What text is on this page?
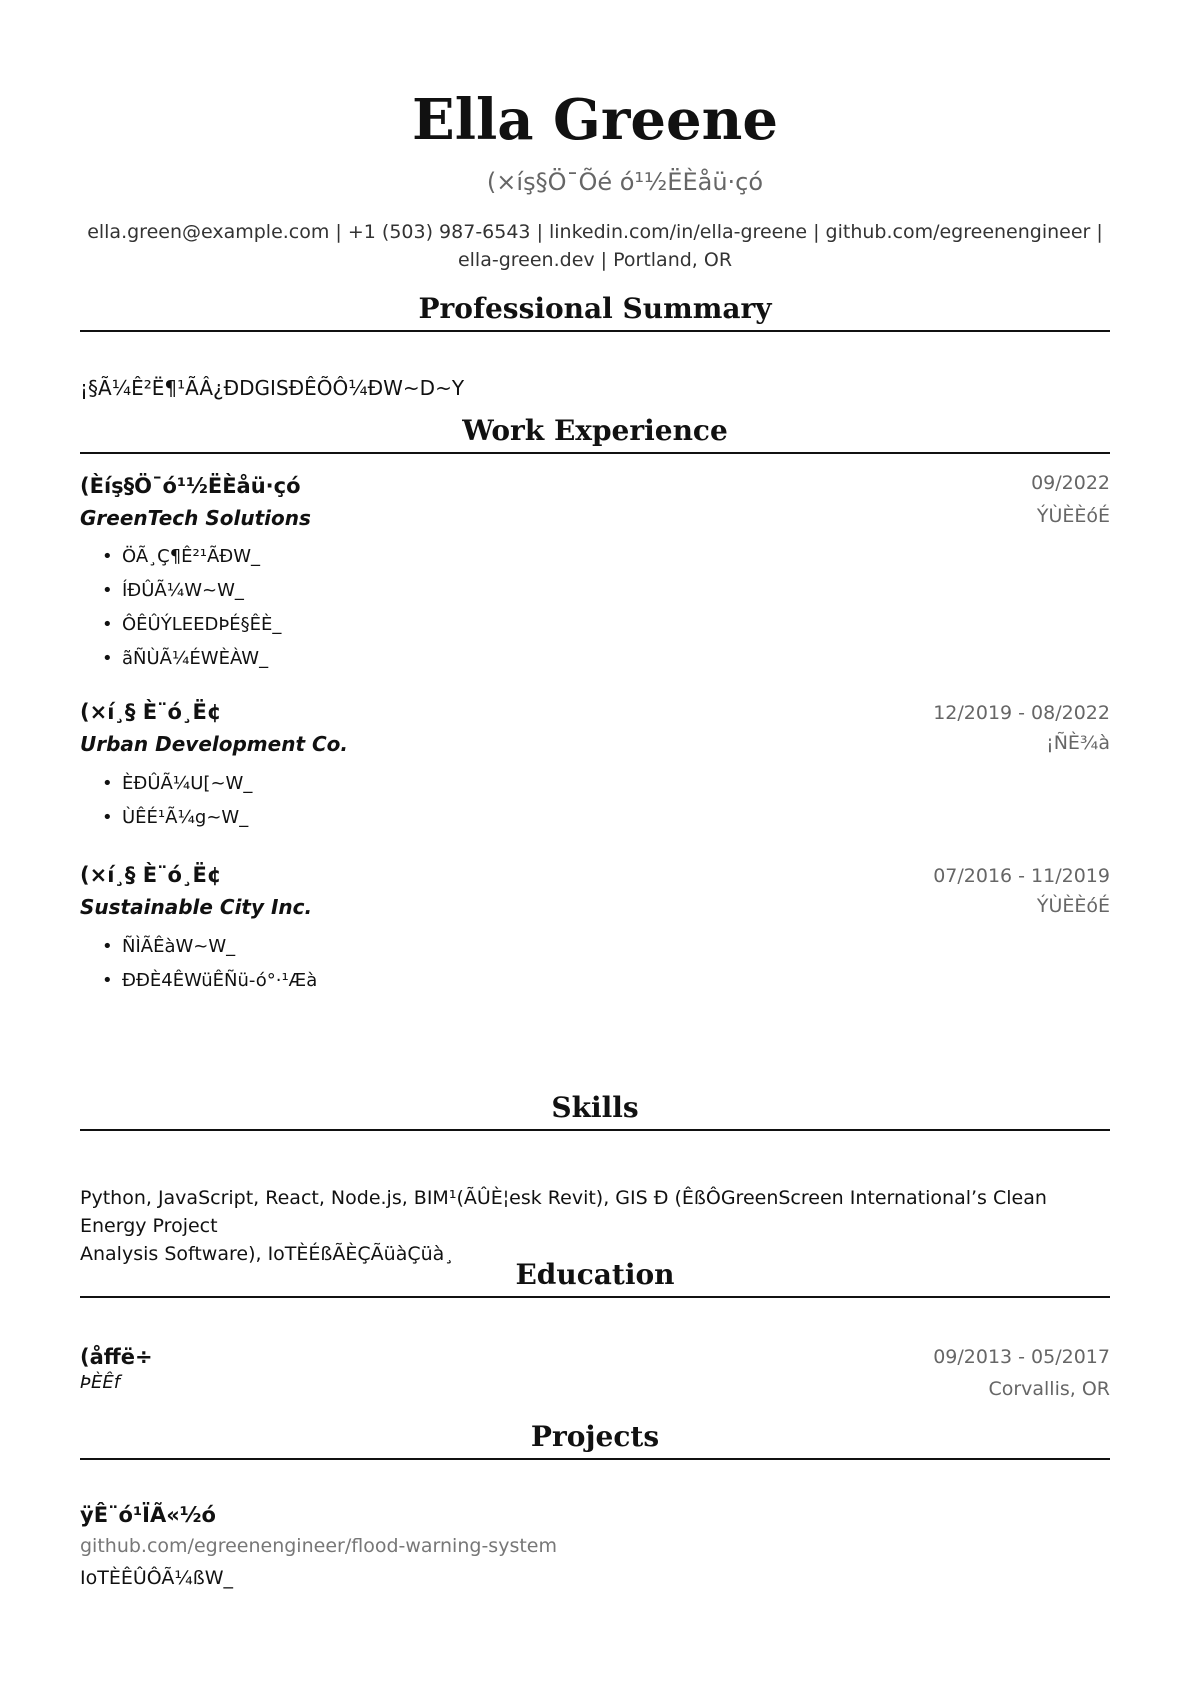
Ella Greene
(×íş§Ö¯Õé ó¹½ËÈåü·çó
ella.green@example.com | +1 (503) 987-6543 | linkedin.com/in/ella-greene | github.com/egreenengineer |
ella-green.dev | Portland, OR
Professional Summary
¡§Ã¼Ê²Ë¶¹ÃÂ¿ÐDGISÐÊÕÔ¼ÐW~D~Y
Work Experience
(Èíş§Ö¯ó¹½ËÈåü·çó	09/2022
GreenTech Solutions	ÝÙÈÈóÉ
• ÖÃ¸Ç¶Ê²¹ÃÐW_
• ÍÐÛÃ¼W~W_
• ÔÊÛÝLEEDÞÉ§ÊÈ_
• ãÑÙÃ¼ÉWÈÀW_
(×í¸§ È¨ó¸Ë¢	12/2019 - 08/2022
Urban Development Co.	¡ÑÈ¾à
• ÈÐÛÃ¼U[~W_
• ÙÊÉ¹Ã¼g~W_
(×í¸§ È¨ó¸Ë¢	07/2016 - 11/2019
Sustainable City Inc.	ÝÙÈÈóÉ
• ÑÌÃÊàW~W_
• ÐÐÈ4ÊWüÊÑü-ó°·¹Æà
Skills
Python, JavaScript, React, Node.js, BIM¹(ÃÛÈ¦esk Revit), GIS Ð (ÊßÔGreenScreen International’s Clean Energy Project
Analysis Software), IoTÈÉßÃÈÇÃüàÇüà¸
Education
(åffë÷	09/2013 - 05/2017
ÞÈÊf	Corvallis, OR
Projects
ÿÊ¨ó¹ÏÃ«½ó
github.com/egreenengineer/flood-warning-system
IoTÈÊÛÔÃ¼ßW_
